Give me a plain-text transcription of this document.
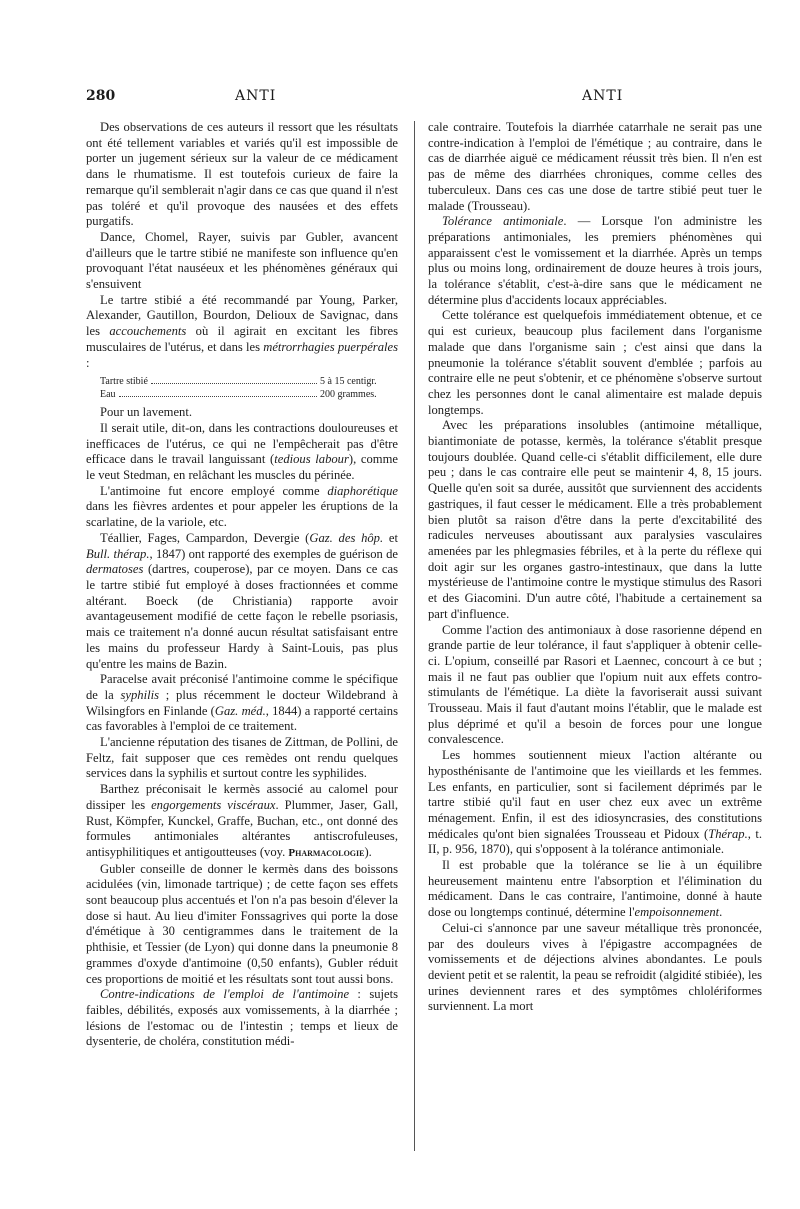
280	ANTI	ANTI

Des observations de ces auteurs il ressort que les résultats ont été tellement variables et variés qu'il est impossible de porter un jugement sérieux sur la valeur de ce médicament dans le rhumatisme. Il est toutefois curieux de faire la remarque qu'il semblerait n'agir dans ce cas que quand il n'est pas toléré et qu'il provoque des nausées et des effets purgatifs.

Dance, Chomel, Rayer, suivis par Gubler, avancent d'ailleurs que le tartre stibié ne manifeste son influence qu'en provoquant l'état nauséeux et les phénomènes généraux qui s'ensuivent

Le tartre stibié a été recommandé par Young, Parker, Alexander, Gautillon, Bourdon, Delioux de Savignac, dans les accouchements où il agirait en excitant les fibres musculaires de l'utérus, et dans les métrorrhagies puerpérales :

Tartre stibié	5 à 15 centigr.
Eau	200 grammes.

Pour un lavement.

Il serait utile, dit-on, dans les contractions douloureuses et inefficaces de l'utérus, ce qui ne l'empêcherait pas d'être efficace dans le travail languissant (tedious labour), comme le veut Stedman, en relâchant les muscles du périnée.

L'antimoine fut encore employé comme diaphorétique dans les fièvres ardentes et pour appeler les éruptions de la scarlatine, de la variole, etc.

Téallier, Fages, Campardon, Devergie (Gaz. des hôp. et Bull. thérap., 1847) ont rapporté des exemples de guérison de dermatoses (dartres, couperose), par ce moyen. Dans ce cas le tartre stibié fut employé à doses fractionnées et comme altérant. Boeck (de Christiania) rapporte avoir avantageusement modifié de cette façon le rebelle psoriasis, mais ce traitement n'a donné aucun résultat satisfaisant entre les mains du professeur Hardy à Saint-Louis, pas plus qu'entre les mains de Bazin.

Paracelse avait préconisé l'antimoine comme le spécifique de la syphilis ; plus récemment le docteur Wildebrand à Wilsingfors en Finlande (Gaz. méd., 1844) a rapporté certains cas favorables à l'emploi de ce traitement.

L'ancienne réputation des tisanes de Zittman, de Pollini, de Feltz, fait supposer que ces remèdes ont rendu quelques services dans la syphilis et surtout contre les syphilides.

Barthez préconisait le kermès associé au calomel pour dissiper les engorgements viscéraux. Plummer, Jaser, Gall, Rust, Kömpfer, Kunckel, Graffe, Buchan, etc., ont donné des formules antimoniales altérantes antiscrofuleuses, antisyphilitiques et antigoutteuses (voy. Pharmacologie).

Gubler conseille de donner le kermès dans des boissons acidulées (vin, limonade tartrique) ; de cette façon ses effets sont beaucoup plus accentués et l'on n'a pas besoin d'élever la dose si haut. Au lieu d'imiter Fonssagrives qui porte la dose d'émétique à 30 centigrammes dans le traitement de la phthisie, et Tessier (de Lyon) qui donne dans la pneumonie 8 grammes d'oxyde d'antimoine (0,50 enfants), Gubler réduit ces proportions de moitié et les résultats sont tout aussi bons.

Contre-indications de l'emploi de l'antimoine : sujets faibles, débilités, exposés aux vomissements, à la diarrhée ; lésions de l'estomac ou de l'intestin ; temps et lieux de dysenterie, de choléra, constitution médi-

cale contraire. Toutefois la diarrhée catarrhale ne serait pas une contre-indication à l'emploi de l'émétique ; au contraire, dans le cas de diarrhée aiguë ce médicament réussit très bien. Il n'en est pas de même des diarrhées chroniques, comme celles des tuberculeux. Dans ces cas une dose de tartre stibié peut tuer le malade (Trousseau).

Tolérance antimoniale. — Lorsque l'on administre les préparations antimoniales, les premiers phénomènes qui apparaissent c'est le vomissement et la diarrhée. Après un temps plus ou moins long, ordinairement de douze heures à trois jours, la tolérance s'établit, c'est-à-dire sans que le médicament ne détermine plus d'accidents locaux appréciables.

Cette tolérance est quelquefois immédiatement obtenue, et ce qui est curieux, beaucoup plus facilement dans l'organisme malade que dans l'organisme sain ; c'est ainsi que dans la pneumonie la tolérance s'établit souvent d'emblée ; parfois au contraire elle ne peut s'obtenir, et ce phénomène s'observe surtout chez les personnes dont le canal alimentaire est malade depuis longtemps.

Avec les préparations insolubles (antimoine métallique, biantimoniate de potasse, kermès, la tolérance s'établit presque toujours doublée. Quand celle-ci s'établit difficilement, elle dure peu ; dans le cas contraire elle peut se maintenir 4, 8, 15 jours. Quelle qu'en soit sa durée, aussitôt que surviennent des accidents gastriques, il faut cesser le médicament. Elle a très probablement bien plutôt sa raison d'être dans la perte d'excitabilité des radicules nerveuses aboutissant aux paralysies vasculaires amenées par les phlegmasies fébriles, et à la perte du réflexe qui doit agir sur les organes gastro-intestinaux, que dans la lutte mystérieuse de l'antimoine contre le mystique stimulus des Rasori et des Giacomini. D'un autre côté, l'habitude a certainement sa part d'influence.

Comme l'action des antimoniaux à dose rasorienne dépend en grande partie de leur tolérance, il faut s'appliquer à obtenir celle-ci. L'opium, conseillé par Rasori et Laennec, concourt à ce but ; mais il ne faut pas oublier que l'opium nuit aux effets contro-stimulants de l'émétique. La diète la favoriserait aussi suivant Trousseau. Mais il faut d'autant moins l'établir, que le malade est plus déprimé et qu'il a besoin de forces pour une longue convalescence.

Les hommes soutiennent mieux l'action altérante ou hyposthénisante de l'antimoine que les vieillards et les femmes. Les enfants, en particulier, sont si facilement déprimés par le tartre stibié qu'il faut en user chez eux avec un extrême ménagement. Enfin, il est des idiosyncrasies, des constitutions médicales qu'ont bien signalées Trousseau et Pidoux (Thérap., t. II, p. 956, 1870), qui s'opposent à la tolérance antimoniale.

Il est probable que la tolérance se lie à un équilibre heureusement maintenu entre l'absorption et l'élimination du médicament. Dans le cas contraire, l'antimoine, donné à haute dose ou longtemps continué, détermine l'empoisonnement.

Celui-ci s'annonce par une saveur métallique très prononcée, par des douleurs vives à l'épigastre accompagnées de vomissements et de déjections alvines abondantes. Le pouls devient petit et se ralentit, la peau se refroidit (algidité stibiée), les urines deviennent rares et des symptômes chlolériformes surviennent. La mort
